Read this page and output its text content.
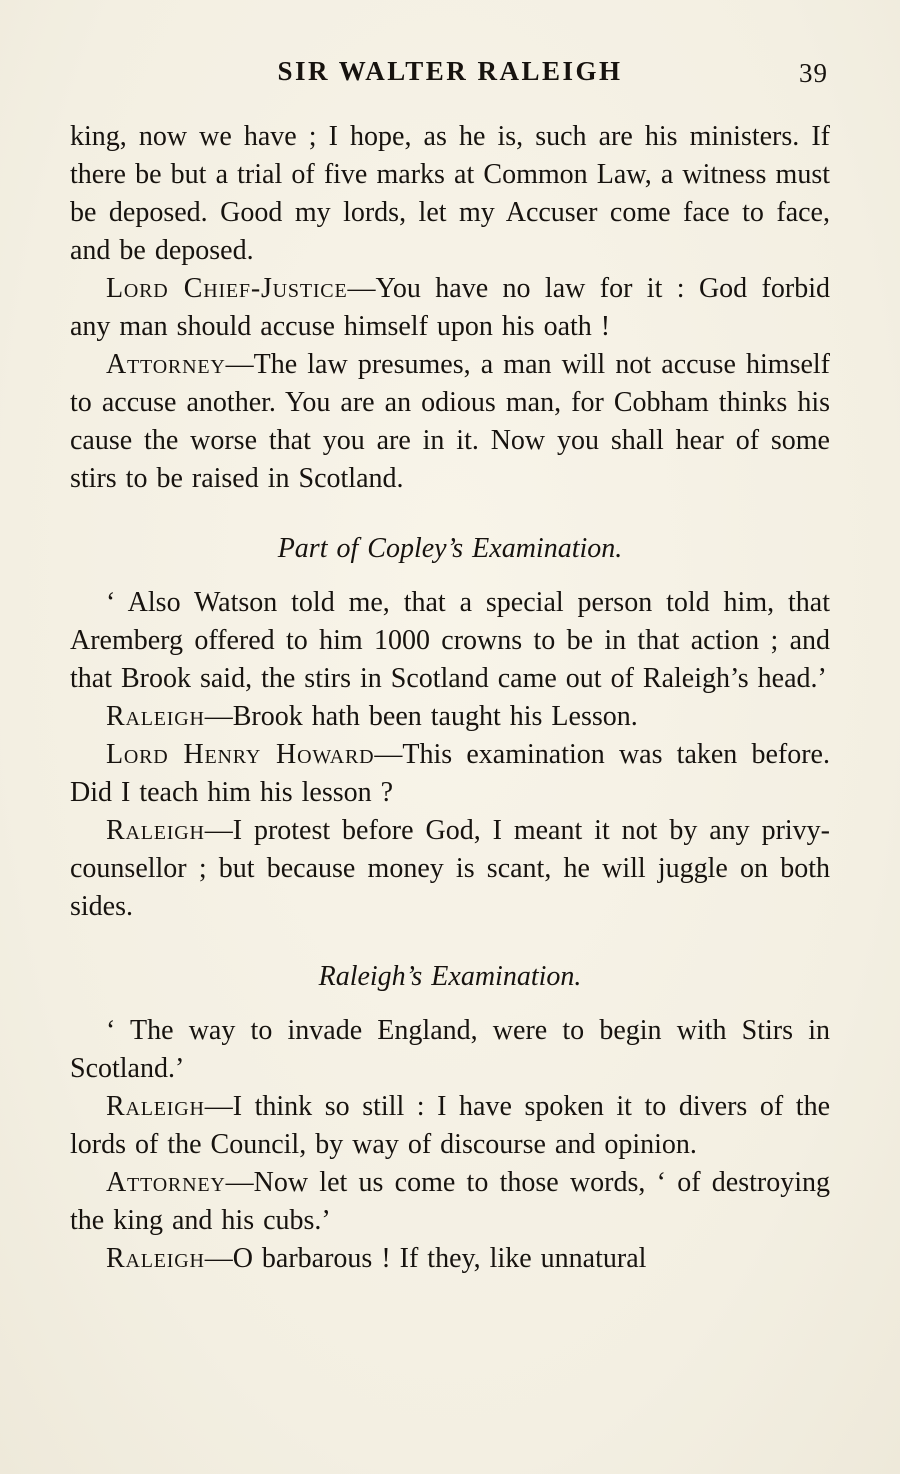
SIR WALTER RALEIGH	39

king, now we have ; I hope, as he is, such are his ministers. If there be but a trial of five marks at Common Law, a witness must be deposed. Good my lords, let my Accuser come face to face, and be deposed.

Lord Chief-Justice—You have no law for it : God forbid any man should accuse himself upon his oath !

Attorney—The law presumes, a man will not accuse himself to accuse another. You are an odious man, for Cobham thinks his cause the worse that you are in it. Now you shall hear of some stirs to be raised in Scotland.

Part of Copley’s Examination.

‘ Also Watson told me, that a special person told him, that Aremberg offered to him 1000 crowns to be in that action ; and that Brook said, the stirs in Scotland came out of Raleigh’s head.’

Raleigh—Brook hath been taught his Lesson.

Lord Henry Howard—This examination was taken before. Did I teach him his lesson ?

Raleigh—I protest before God, I meant it not by any privy-counsellor ; but because money is scant, he will juggle on both sides.

Raleigh’s Examination.

‘ The way to invade England, were to begin with Stirs in Scotland.’

Raleigh—I think so still : I have spoken it to divers of the lords of the Council, by way of discourse and opinion.

Attorney—Now let us come to those words, ‘ of destroying the king and his cubs.’

Raleigh—O barbarous ! If they, like unnatural
